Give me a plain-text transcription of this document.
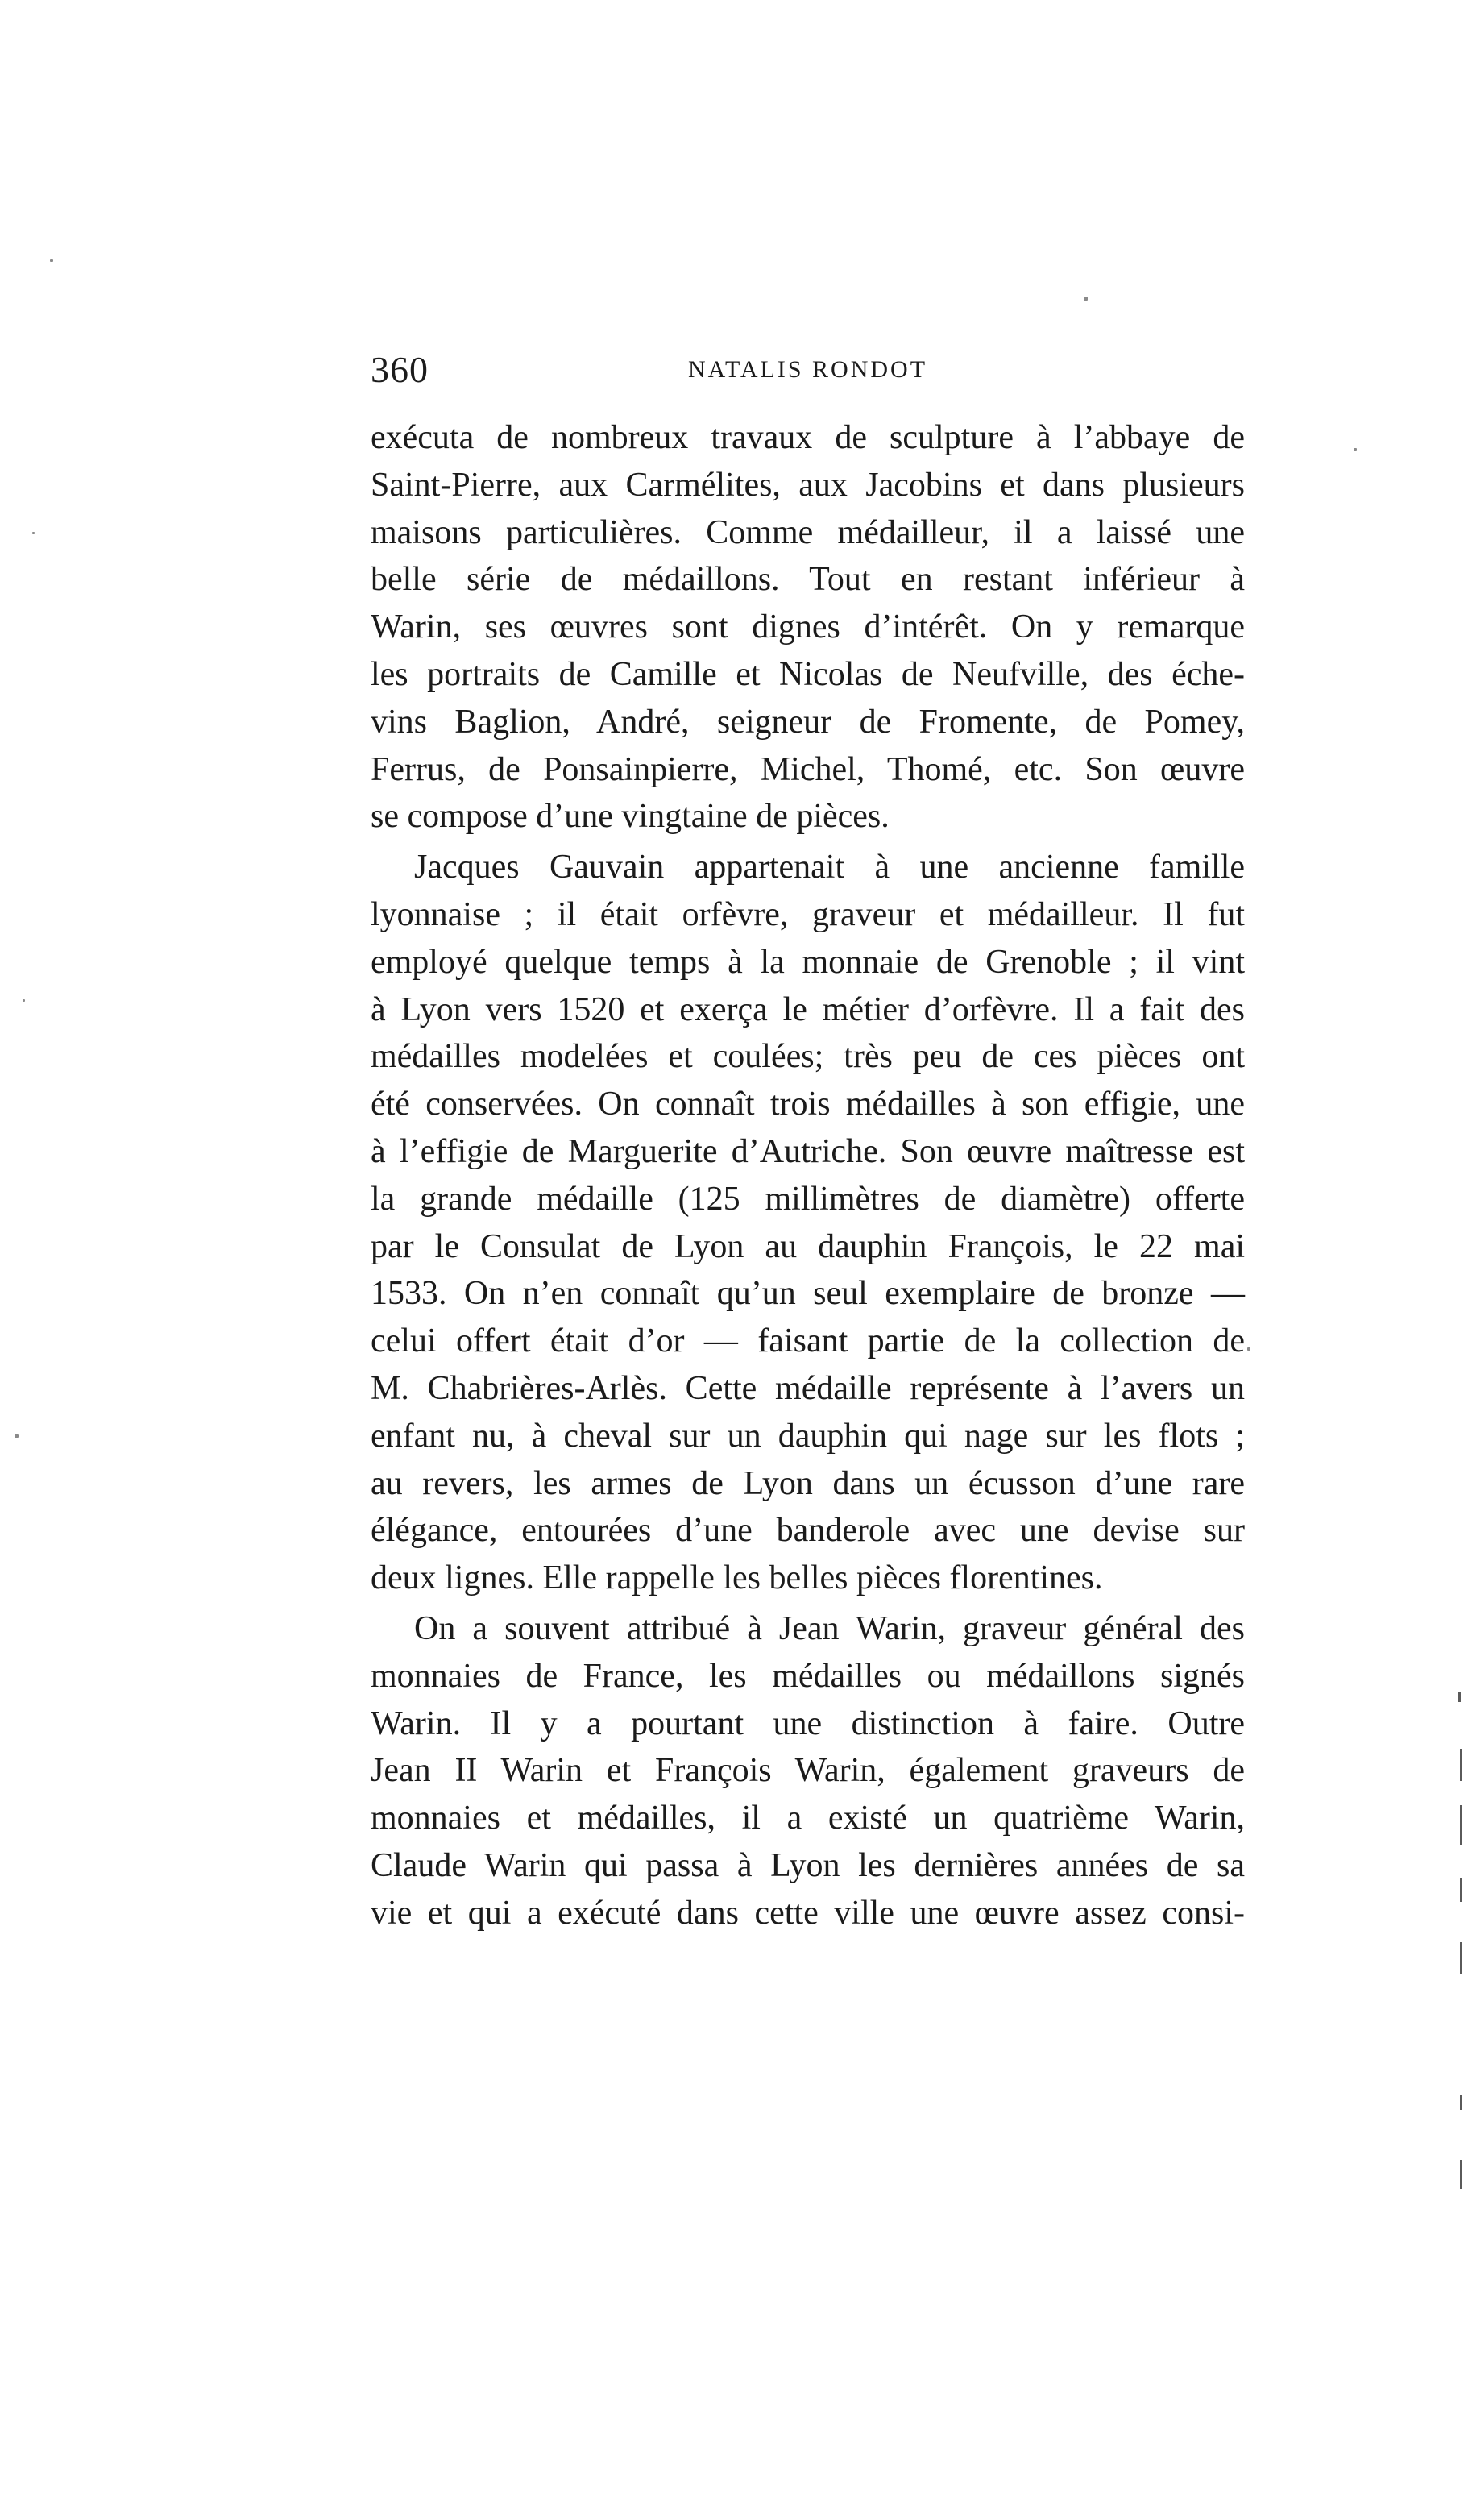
360	NATALIS RONDOT

exécuta de nombreux travaux de sculpture à l’abbaye de
Saint-Pierre, aux Carmélites, aux Jacobins et dans plusieurs
maisons particulières. Comme médailleur, il a laissé une
belle série de médaillons. Tout en restant inférieur à
Warin, ses œuvres sont dignes d’intérêt. On y remarque
les portraits de Camille et Nicolas de Neufville, des éche-
vins Baglion, André, seigneur de Fromente, de Pomey,
Ferrus, de Ponsainpierre, Michel, Thomé, etc. Son œuvre
se compose d’une vingtaine de pièces.

Jacques Gauvain appartenait à une ancienne famille
lyonnaise ; il était orfèvre, graveur et médailleur. Il fut
employé quelque temps à la monnaie de Grenoble ; il vint
à Lyon vers 1520 et exerça le métier d’orfèvre. Il a fait des
médailles modelées et coulées; très peu de ces pièces ont
été conservées. On connaît trois médailles à son effigie, une
à l’effigie de Marguerite d’Autriche. Son œuvre maîtresse est
la grande médaille (125 millimètres de diamètre) offerte
par le Consulat de Lyon au dauphin François, le 22 mai
1533. On n’en connaît qu’un seul exemplaire de bronze —
celui offert était d’or — faisant partie de la collection de
M. Chabrières-Arlès. Cette médaille représente à l’avers un
enfant nu, à cheval sur un dauphin qui nage sur les flots ;
au revers, les armes de Lyon dans un écusson d’une rare
élégance, entourées d’une banderole avec une devise sur
deux lignes. Elle rappelle les belles pièces florentines.

On a souvent attribué à Jean Warin, graveur général des
monnaies de France, les médailles ou médaillons signés
Warin. Il y a pourtant une distinction à faire. Outre
Jean II Warin et François Warin, également graveurs de
monnaies et médailles, il a existé un quatrième Warin,
Claude Warin qui passa à Lyon les dernières années de sa
vie et qui a exécuté dans cette ville une œuvre assez consi-
